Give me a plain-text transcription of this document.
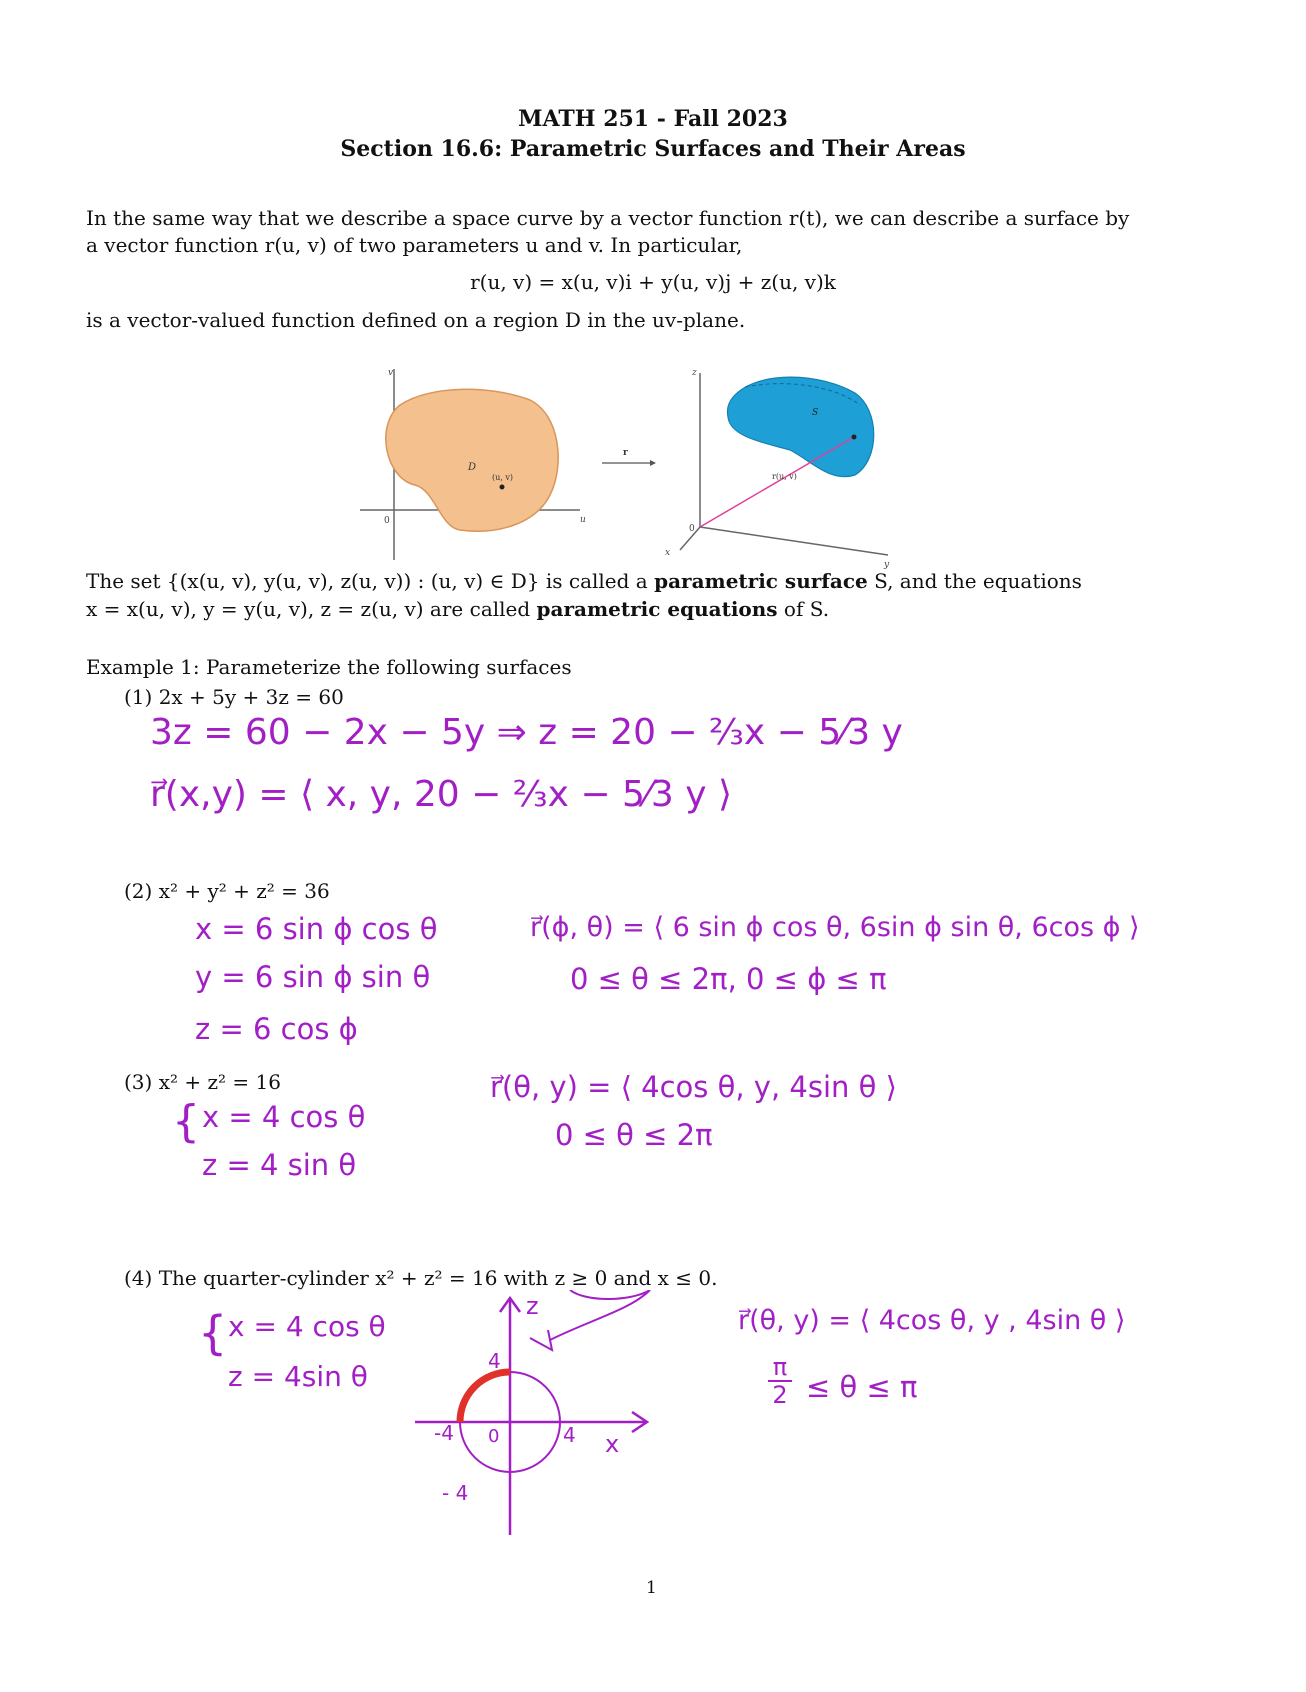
MATH 251 - Fall 2023
Section 16.6: Parametric Surfaces and Their Areas
In the same way that we describe a space curve by a vector function r(t), we can describe a surface by
a vector function r(u, v) of two parameters u and v. In particular,
r(u, v) = x(u, v)i + y(u, v)j + z(u, v)k
is a vector-valued function defined on a region D in the uv-plane.
v
u
0
D
(u, v)
r
z
y
x
0
S
r(u, v)
The set {(x(u, v), y(u, v), z(u, v)) : (u, v) ∈ D} is called a parametric surface S, and the equations
x = x(u, v), y = y(u, v), z = z(u, v) are called parametric equations of S.
Example 1: Parameterize the following surfaces
(1) 2x + 5y + 3z = 60
3z = 60 − 2x − 5y ⇒ z = 20 − ⅔x − 5⁄3 y
r⃗(x,y) = ⟨ x, y, 20 − ⅔x − 5⁄3 y ⟩
(2) x² + y² + z² = 36
x = 6 sin ϕ cos θ
y = 6 sin ϕ sin θ
z = 6 cos ϕ
r⃗(ϕ, θ) = ⟨ 6 sin ϕ cos θ, 6sin ϕ sin θ, 6cos ϕ ⟩
0 ≤ θ ≤ 2π, 0 ≤ ϕ ≤ π
(3) x² + z² = 16
{ x = 4 cos θ
z = 4 sin θ
r⃗(θ, y) = ⟨ 4cos θ, y, 4sin θ ⟩
0 ≤ θ ≤ 2π
(4) The quarter-cylinder x² + z² = 16 with z ≥ 0 and x ≤ 0.
{ x = 4 cos θ
z = 4sin θ
r⃗(θ, y) = ⟨ 4cos θ, y , 4sin θ ⟩
π
2 ≤ θ ≤ π
z
x
4
-4 0	4
- 4
1
